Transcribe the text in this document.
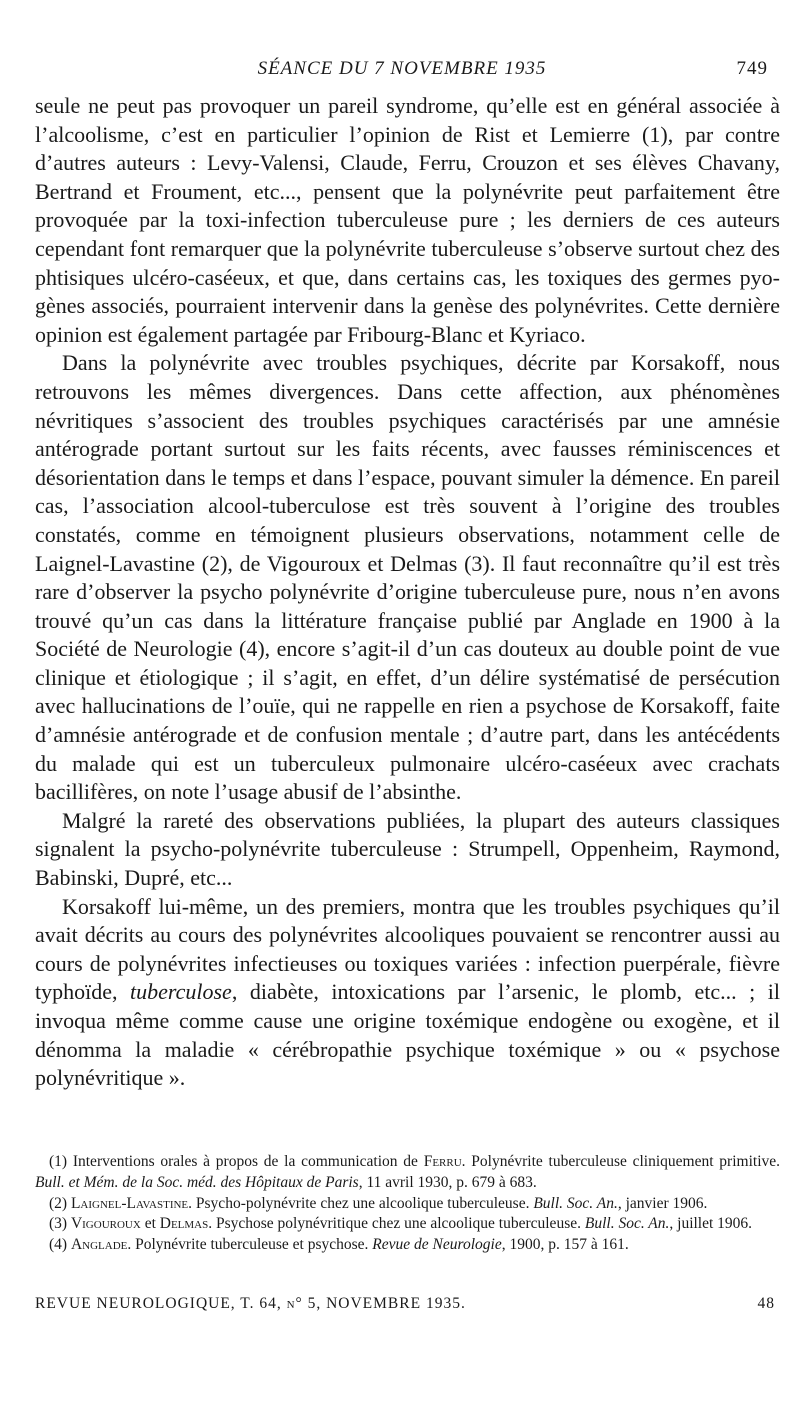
SÉANCE DU 7 NOVEMBRE 1935	749

seule ne peut pas provoquer un pareil syndrome, qu’elle est en général associée à l’alcoolisme, c’est en particulier l’opinion de Rist et Lemierre (1), par contre d’autres auteurs : Levy-Valensi, Claude, Ferru, Crouzon et ses élèves Chavany, Bertrand et Froument, etc..., pensent que la polynévrite peut parfaitement être provoquée par la toxi-infection tuberculeuse pure ; les derniers de ces auteurs cependant font remarquer que la polynévrite tuberculeuse s’observe surtout chez des phtisiques ulcéro-caséeux, et que, dans certains cas, les toxiques des germes pyogènes associés, pourraient intervenir dans la genèse des polynévrites. Cette dernière opinion est également partagée par Fribourg-Blanc et Kyriaco.

Dans la polynévrite avec troubles psychiques, décrite par Korsakoff, nous retrouvons les mêmes divergences. Dans cette affection, aux phénomènes névritiques s’associent des troubles psychiques caractérisés par une amnésie antérograde portant surtout sur les faits récents, avec fausses réminiscences et désorientation dans le temps et dans l’espace, pouvant simuler la démence. En pareil cas, l’association alcool-tuberculose est très souvent à l’origine des troubles constatés, comme en témoignent plusieurs observations, notamment celle de Laignel-Lavastine (2), de Vigouroux et Delmas (3). Il faut reconnaître qu’il est très rare d’observer la psycho polynévrite d’origine tuberculeuse pure, nous n’en avons trouvé qu’un cas dans la littérature française publié par Anglade en 1900 à la Société de Neurologie (4), encore s’agit-il d’un cas douteux au double point de vue clinique et étiologique ; il s’agit, en effet, d’un délire systématisé de persécution avec hallucinations de l’ouïe, qui ne rappelle en rien a psychose de Korsakoff, faite d’amnésie antérograde et de confusion mentale ; d’autre part, dans les antécédents du malade qui est un tuberculeux pulmonaire ulcéro-caséeux avec crachats bacillifères, on note l’usage abusif de l’absinthe.

Malgré la rareté des observations publiées, la plupart des auteurs classiques signalent la psycho-polynévrite tuberculeuse : Strumpell, Oppenheim, Raymond, Babinski, Dupré, etc...

Korsakoff lui-même, un des premiers, montra que les troubles psychiques qu’il avait décrits au cours des polynévrites alcooliques pouvaient se rencontrer aussi au cours de polynévrites infectieuses ou toxiques variées : infection puerpérale, fièvre typhoïde, tuberculose, diabète, intoxications par l’arsenic, le plomb, etc... ; il invoqua même comme cause une origine toxémique endogène ou exogène, et il dénomma la maladie « cérébropathie psychique toxémique » ou « psychose polynévritique ».

(1) Interventions orales à propos de la communication de Ferru. Polynévrite tuberculeuse cliniquement primitive. Bull. et Mém. de la Soc. méd. des Hôpitaux de Paris, 11 avril 1930, p. 679 à 683.

(2) Laignel-Lavastine. Psycho-polynévrite chez une alcoolique tuberculeuse. Bull. Soc. An., janvier 1906.

(3) Vigouroux et Delmas. Psychose polynévritique chez une alcoolique tuberculeuse. Bull. Soc. An., juillet 1906.

(4) Anglade. Polynévrite tuberculeuse et psychose. Revue de Neurologie, 1900, p. 157 à 161.

REVUE NEUROLOGIQUE, T. 64, n° 5, NOVEMBRE 1935.	48
